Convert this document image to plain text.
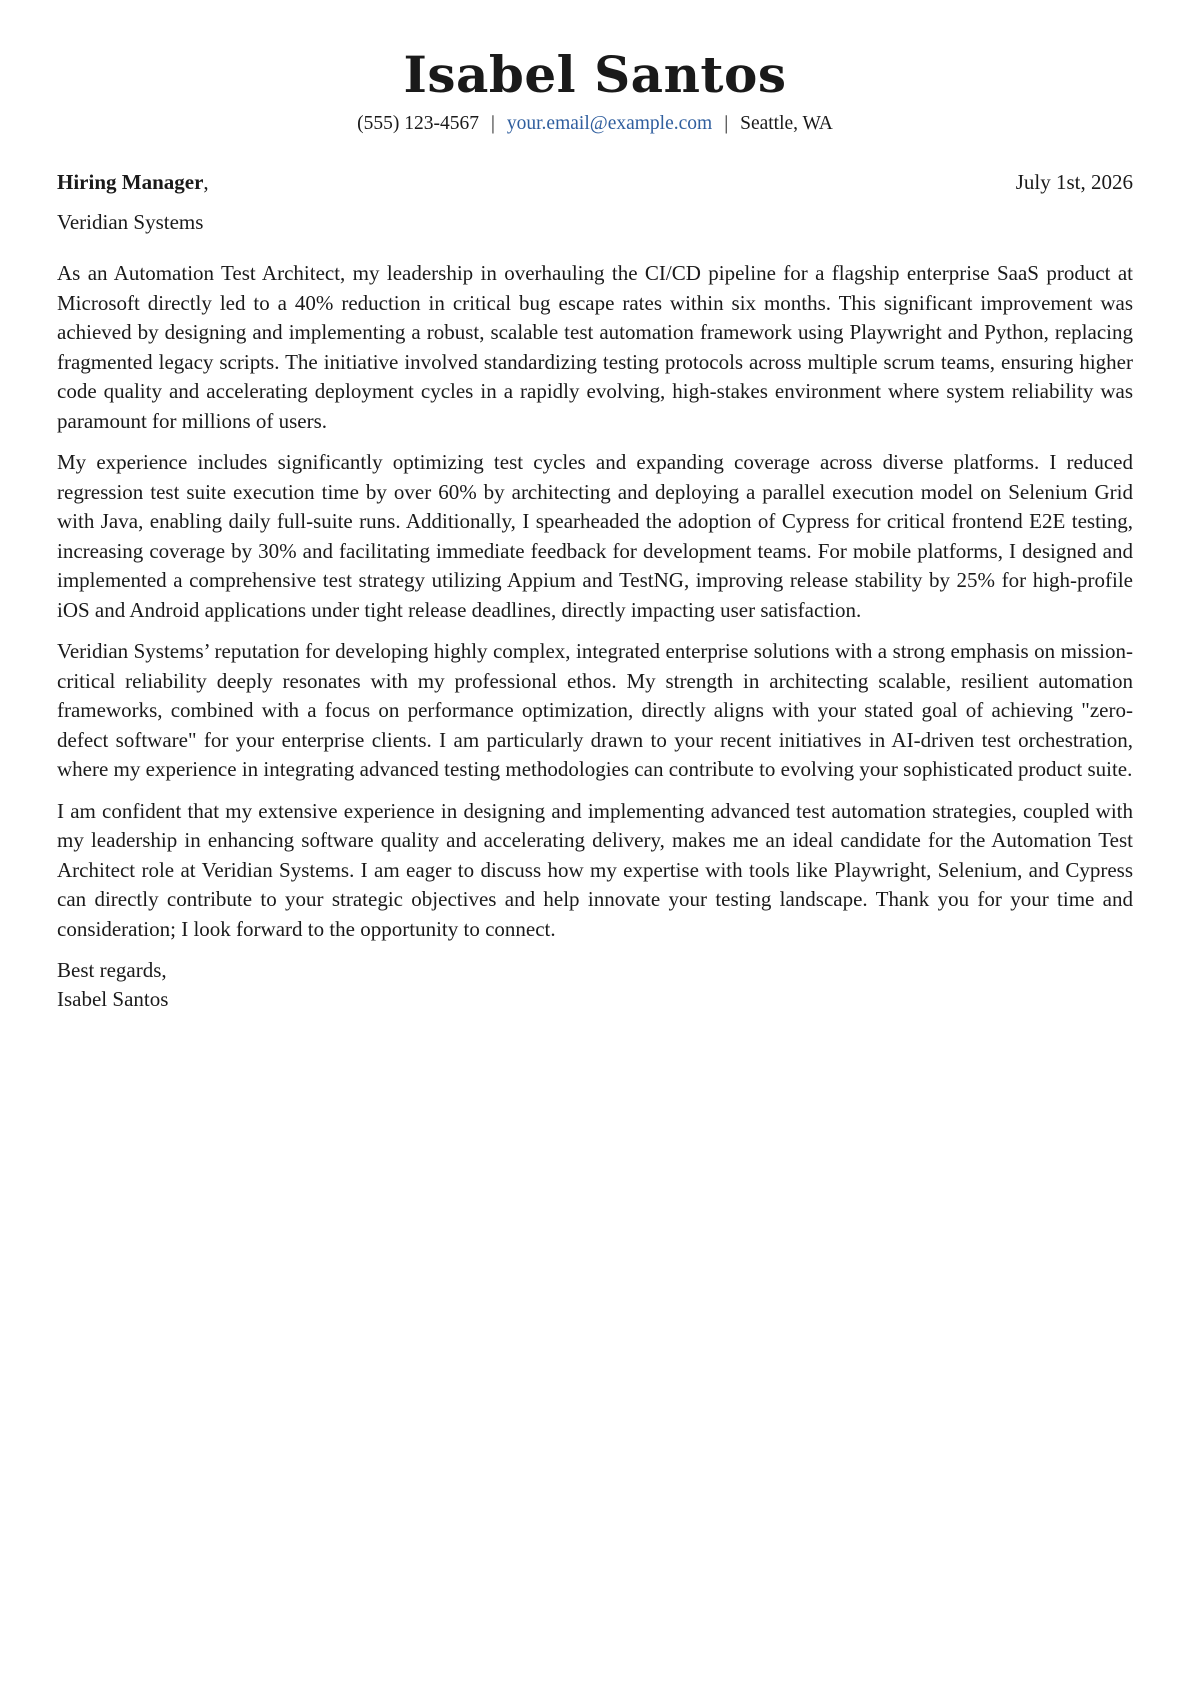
Isabel Santos
(555) 123-4567 | your.email@example.com | Seattle, WA
Hiring Manager,	July 1st, 2026
Veridian Systems

As an Automation Test Architect, my leadership in overhauling the CI/CD pipeline for a flagship enterprise SaaS product at Microsoft directly led to a 40% reduction in critical bug escape rates within six months. This significant improvement was achieved by designing and implementing a robust, scalable test automation framework using Playwright and Python, replacing fragmented legacy scripts. The initiative involved standardizing testing protocols across multiple scrum teams, ensuring higher code quality and accelerating deployment cycles in a rapidly evolving, high-stakes environment where system reliability was paramount for millions of users.

My experience includes significantly optimizing test cycles and expanding coverage across diverse platforms. I reduced regression test suite execution time by over 60% by architecting and deploying a parallel execution model on Selenium Grid with Java, enabling daily full-suite runs. Additionally, I spearheaded the adoption of Cypress for critical frontend E2E testing, increasing coverage by 30% and facilitating immediate feedback for development teams. For mobile platforms, I designed and implemented a comprehensive test strategy utilizing Appium and TestNG, improving release stability by 25% for high-profile iOS and Android applications under tight release deadlines, directly impacting user satisfaction.

Veridian Systems’ reputation for developing highly complex, integrated enterprise solutions with a strong emphasis on mission-critical reliability deeply resonates with my professional ethos. My strength in architecting scalable, resilient automation frameworks, combined with a focus on performance optimization, directly aligns with your stated goal of achieving "zero-defect software" for your enterprise clients. I am particularly drawn to your recent initiatives in AI-driven test orchestration, where my experience in integrating advanced testing methodologies can contribute to evolving your sophisticated product suite.

I am confident that my extensive experience in designing and implementing advanced test automation strategies, coupled with my leadership in enhancing software quality and accelerating delivery, makes me an ideal candidate for the Automation Test Architect role at Veridian Systems. I am eager to discuss how my expertise with tools like Playwright, Selenium, and Cypress can directly contribute to your strategic objectives and help innovate your testing landscape. Thank you for your time and consideration; I look forward to the opportunity to connect.

Best regards,
Isabel Santos
